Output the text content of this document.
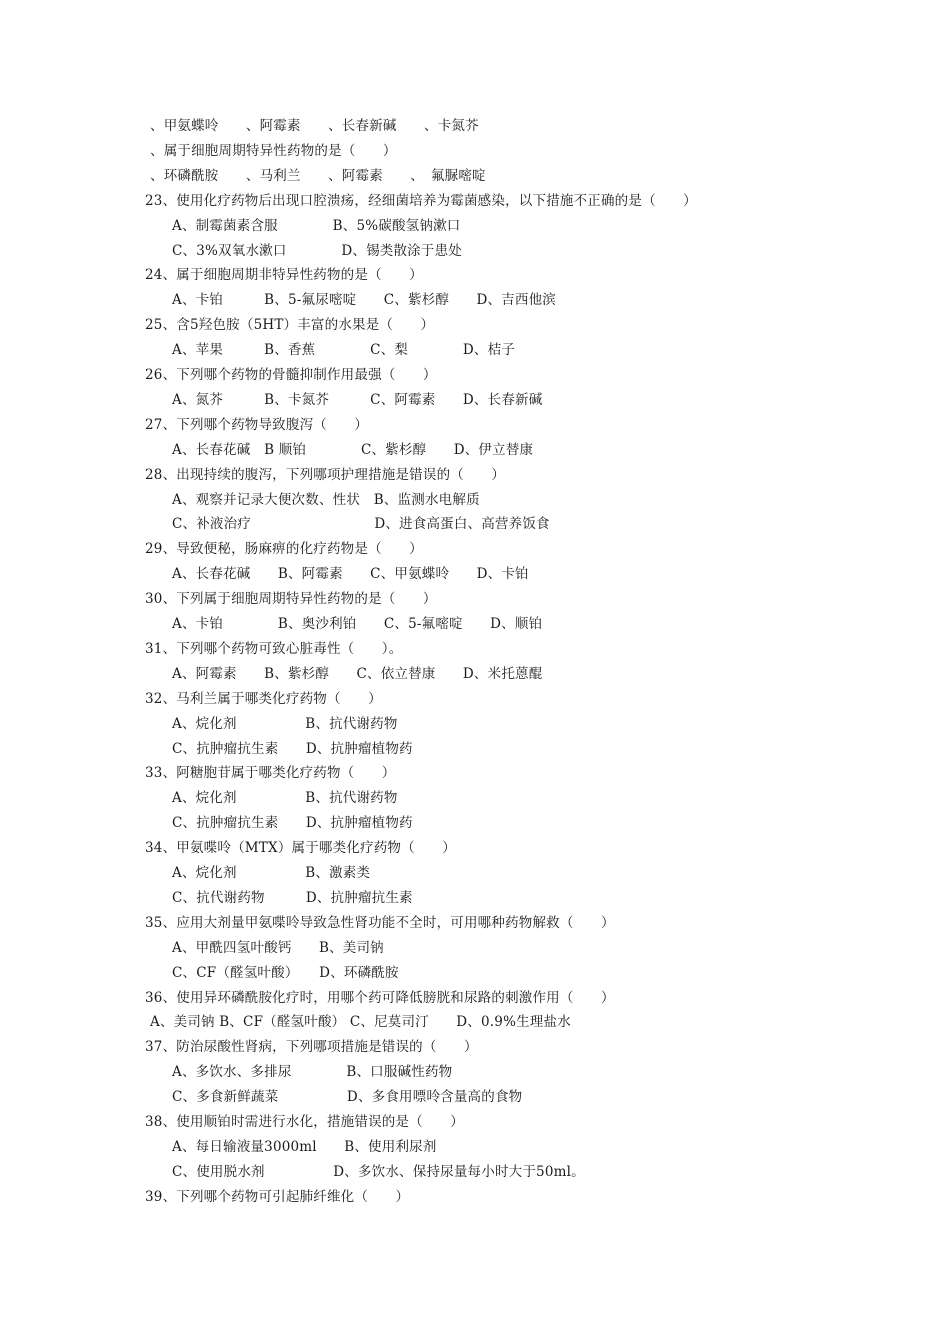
、甲氨蝶呤　　、阿霉素　　、长春新碱　　、卡氮芥
、属于细胞周期特异性药物的是（　　）
、环磷酰胺　　、马利兰　　、阿霉素　　、　氟脲嘧啶
23、使用化疗药物后出现口腔溃疡，经细菌培养为霉菌感染，以下措施不正确的是（　　）
A、制霉菌素含服　　　　B、5%碳酸氢钠漱口
C、3%双氧水漱口　　　　D、锡类散涂于患处
24、属于细胞周期非特异性药物的是（　　）
A、卡铂　　　B、5-氟尿嘧啶　　C、紫杉醇　　D、吉西他滨
25、含5羟色胺（5HT）丰富的水果是（　　）
A、苹果　　　B、香蕉　　　　C、梨　　　　D、桔子
26、下列哪个药物的骨髓抑制作用最强（　　）
A、氮芥　　　B、卡氮芥　　　C、阿霉素　　D、长春新碱
27、下列哪个药物导致腹泻（　　）
A、长春花碱　B 顺铂　　　　C、紫杉醇　　D、伊立替康
28、出现持续的腹泻，下列哪项护理措施是错误的（　　）
A、观察并记录大便次数、性状　B、监测水电解质
C、补液治疗　　　　　　　　　D、进食高蛋白、高营养饭食
29、导致便秘，肠麻痹的化疗药物是（　　）
A、长春花碱　　B、阿霉素　　C、甲氨蝶呤　　D、卡铂
30、下列属于细胞周期特异性药物的是（　　）
A、卡铂　　　　B、奥沙利铂　　C、5-氟嘧啶　　D、顺铂
31、下列哪个药物可致心脏毒性（　　）。
A、阿霉素　　B、紫杉醇　　C、依立替康　　D、米托蒽醌
32、马利兰属于哪类化疗药物（　　）
A、烷化剂　　　　　B、抗代谢药物
C、抗肿瘤抗生素　　D、抗肿瘤植物药
33、阿糖胞苷属于哪类化疗药物（　　）
A、烷化剂　　　　　B、抗代谢药物
C、抗肿瘤抗生素　　D、抗肿瘤植物药
34、甲氨喋呤（MTX）属于哪类化疗药物（　　）
A、烷化剂　　　　　B、激素类
C、抗代谢药物　　　D、抗肿瘤抗生素
35、应用大剂量甲氨喋呤导致急性肾功能不全时，可用哪种药物解救（　　）
A、甲酰四氢叶酸钙　　B、美司钠
C、CF（醛氢叶酸）　　D、环磷酰胺
36、使用异环磷酰胺化疗时，用哪个药可降低膀胱和尿路的刺激作用（　　）
A、美司钠 B、CF（醛氢叶酸） C、尼莫司汀　　D、0.9%生理盐水
37、防治尿酸性肾病，下列哪项措施是错误的（　　）
A、多饮水、多排尿　　　　B、口服碱性药物
C、多食新鲜蔬菜　　　　　D、多食用嘌呤含量高的食物
38、使用顺铂时需进行水化，措施错误的是（　　）
A、每日输液量3000ml　　B、使用利尿剂
C、使用脱水剂　　　　　D、多饮水、保持尿量每小时大于50ml。
39、下列哪个药物可引起肺纤维化（　　）
